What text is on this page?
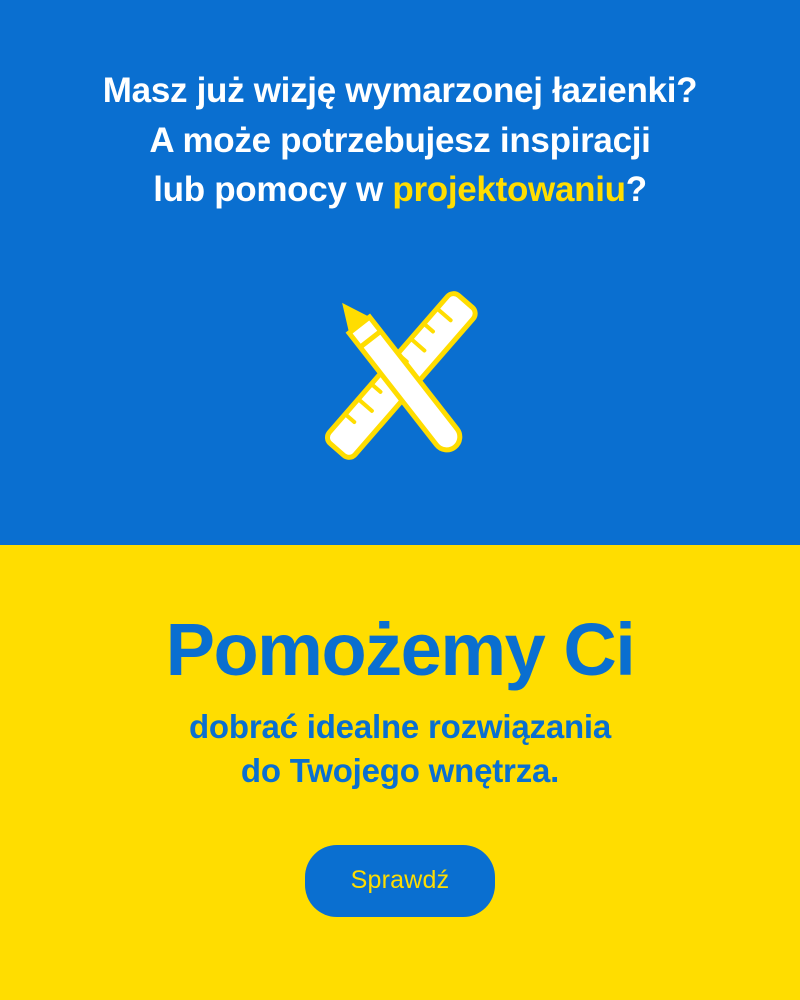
Masz już wizję wymarzonej łazienki?
A może potrzebujesz inspiracji
lub pomocy w projektowaniu?
Pomożemy Ci

dobrać idealne rozwiązania
do Twojego wnętrza.

Sprawdź
